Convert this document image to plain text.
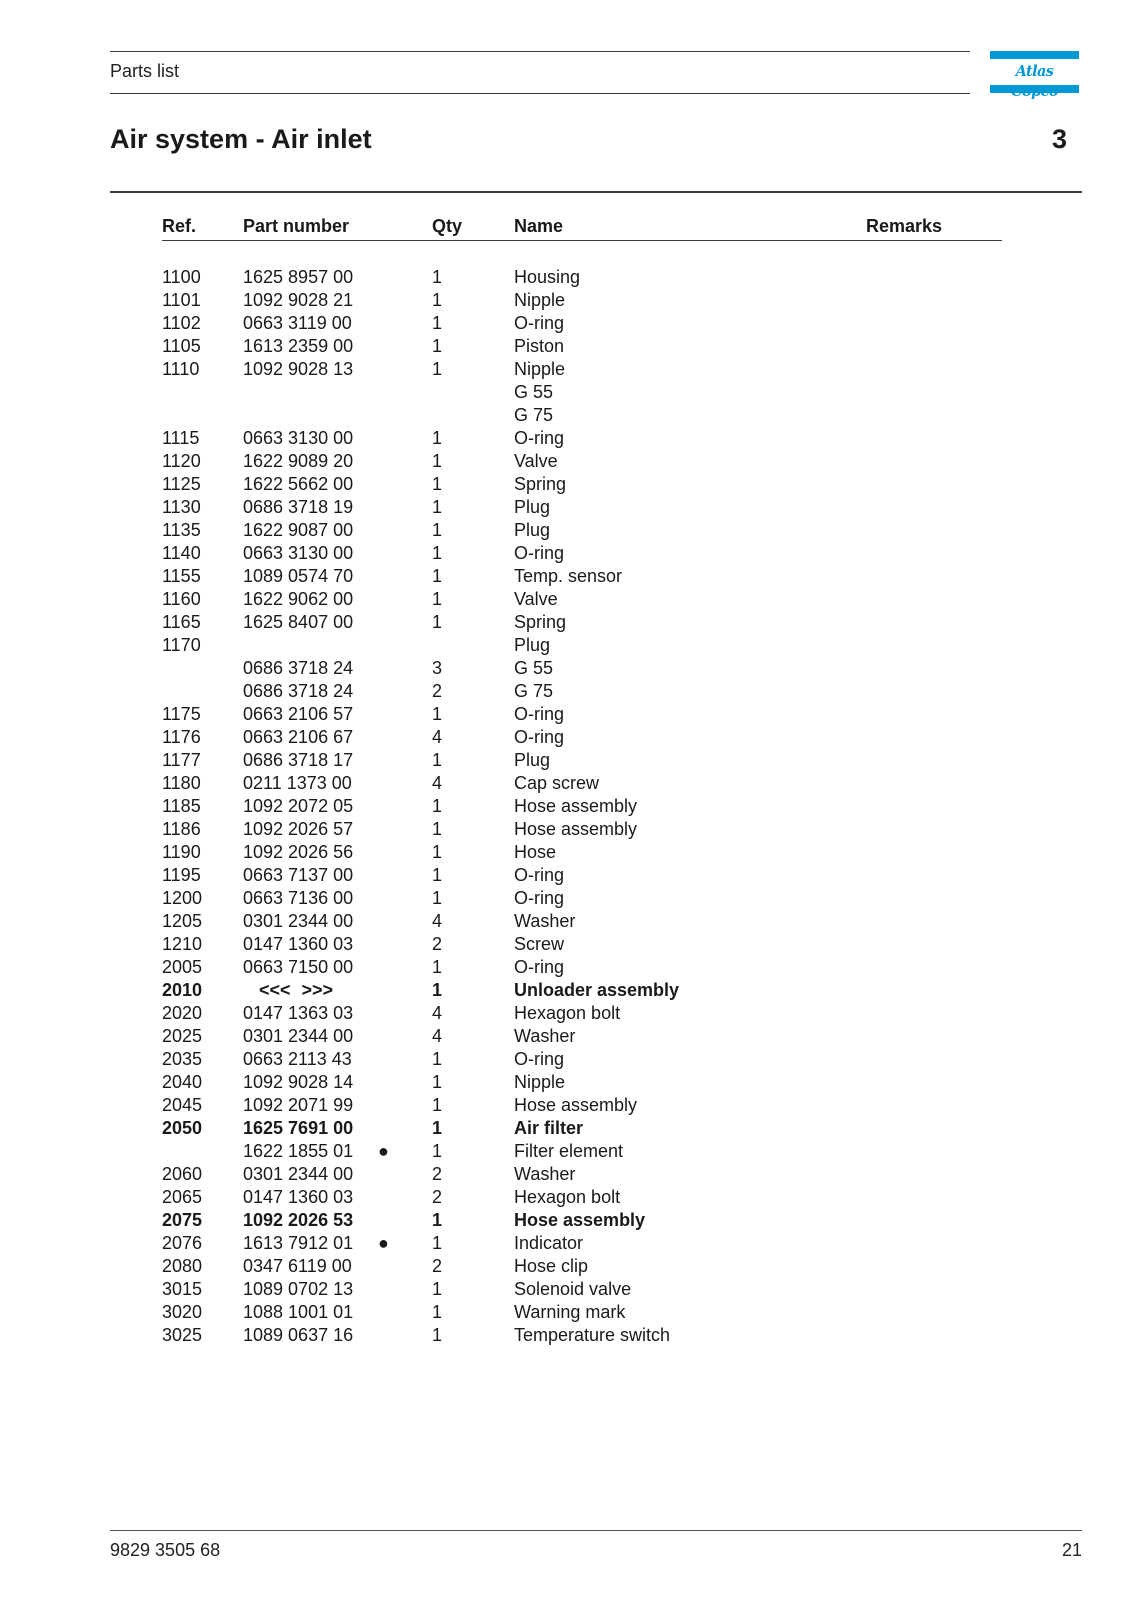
Parts list	Atlas
Air system - Air inlet	3
Ref.	Part number	Qty	Name	Remarks
1100 1625 8957 00	1	Housing
1101 1092 9028 21	1	Nipple
1102 0663 3119 00	1	O-ring
1105 1613 2359 00	1	Piston
1110 1092 9028 13	1	Nipple
G 55
G 75
1115 0663 3130 00	1	O-ring
1120 1622 9089 20	1	Valve
1125 1622 5662 00	1	Spring
1130 0686 3718 19	1	Plug
1135 1622 9087 00	1	Plug
1140 0663 3130 00	1	O-ring
1155 1089 0574 70	1	Temp. sensor
1160 1622 9062 00	1	Valve
1165 1625 8407 00	1	Spring
1170	Plug
0686 3718 24	3	G 55
0686 3718 24	2	G 75
1175 0663 2106 57	1	O-ring
1176 0663 2106 67	4	O-ring
1177 0686 3718 17	1	Plug
1180 0211 1373 00	4	Cap screw
1185 1092 2072 05	1	Hose assembly
1186 1092 2026 57	1	Hose assembly
1190 1092 2026 56	1	Hose
1195 0663 7137 00	1	O-ring
1200 0663 7136 00	1	O-ring
1205 0301 2344 00	4	Washer
1210 0147 1360 03	2	Screw
2005 0663 7150 00	1	O-ring
2010	<<< >>>	1	Unloader assembly
2020 0147 1363 03	4	Hexagon bolt
2025 0301 2344 00	4	Washer
2035 0663 2113 43	1	O-ring
2040 1092 9028 14	1	Nipple
2045 1092 2071 99	1	Hose assembly
2050 1625 7691 00	1	Air filter
1622 1855 01 ● 1	Filter element
2060 0301 2344 00	2	Washer
2065 0147 1360 03	2	Hexagon bolt
2075 1092 2026 53	1	Hose assembly
2076 1613 7912 01 ● 1	Indicator
2080 0347 6119 00	2	Hose clip
3015 1089 0702 13	1	Solenoid valve
3020 1088 1001 01	1	Warning mark
3025 1089 0637 16	1	Temperature switch
9829 3505 68	21
